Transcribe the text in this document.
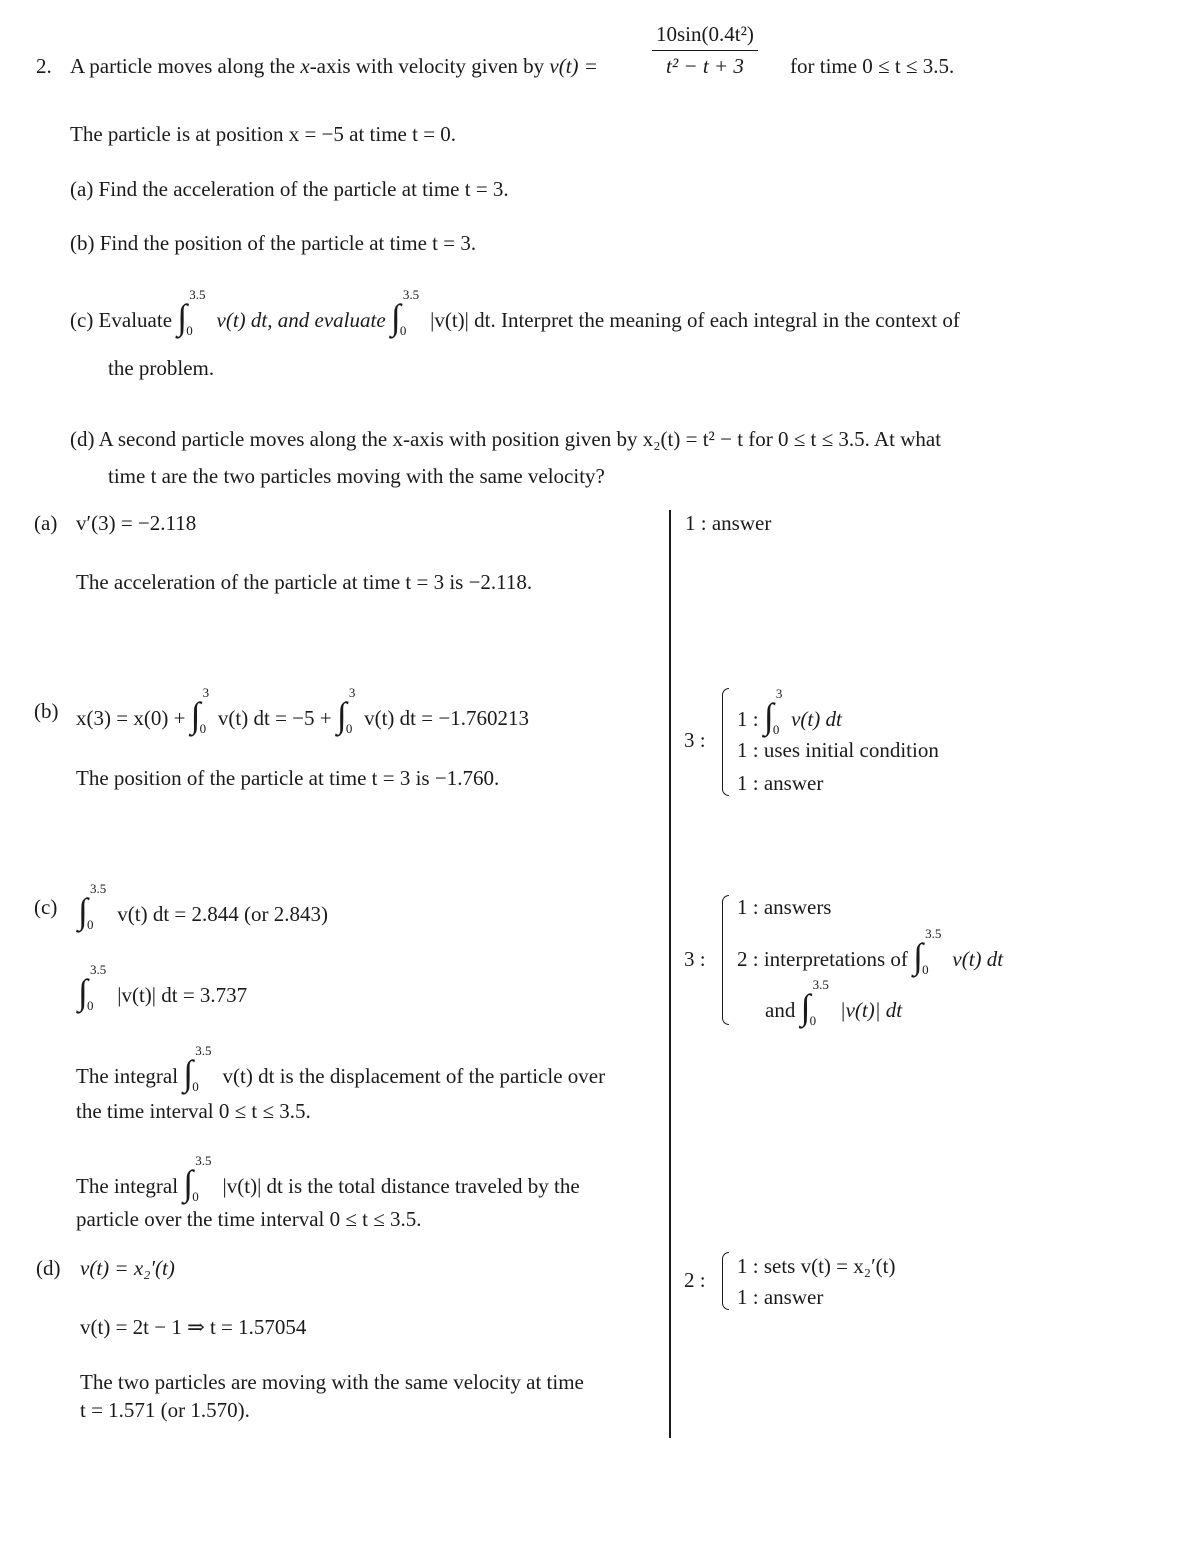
2. A particle moves along the x-axis with velocity given by v(t) =	$\frac{\text{10sin(0.4t²)}}{\text{t² − t + 3}}$ for time 0 ≤ t ≤ 3.5.
The particle is at position x = −5 at time t = 0.
(a) Find the acceleration of the particle at time t = 3.
(b) Find the position of the particle at time t = 3.
(c) Evaluate ∫
3.5
0 v(t) dt, and evaluate ∫
3.5
0 |v(t)| dt. Interpret the meaning of each integral in the context of
the problem.
(d) A second particle moves along the x-axis with position given by x₂(t) = t² − t for 0 ≤ t ≤ 3.5. At what
time t are the two particles moving with the same velocity?
(a) v′(3) = −2.118
The acceleration of the particle at time t = 3 is −2.118.
1 : answer
(b) x(3) = x(0) + ∫
3
0 v(t) dt = −5 + ∫
3
0 v(t) dt = −1.760213
The position of the particle at time t = 3 is −1.760.
3 :
1 : ∫
3
0 v(t) dt
1 : uses initial condition
1 : answer
(c) ∫
3.5
0 v(t) dt = 2.844 (or 2.843)
∫
3.5
0 |v(t)| dt = 3.737
The integral ∫
3.5
0 v(t) dt is the displacement of the particle over
the time interval 0 ≤ t ≤ 3.5.
The integral ∫
3.5
0 |v(t)| dt is the total distance traveled by the
particle over the time interval 0 ≤ t ≤ 3.5.
3 :
1 : answers
2 : interpretations of ∫
3.5
0 v(t) dt
and ∫
3.5
0 |v(t)| dt
(d) v(t) = x₂′(t)
v(t) = 2t − 1 ⇒ t = 1.57054
The two particles are moving with the same velocity at time
t = 1.571 (or 1.570).
2 :
1 : sets v(t) = x₂′(t)
1 : answer
